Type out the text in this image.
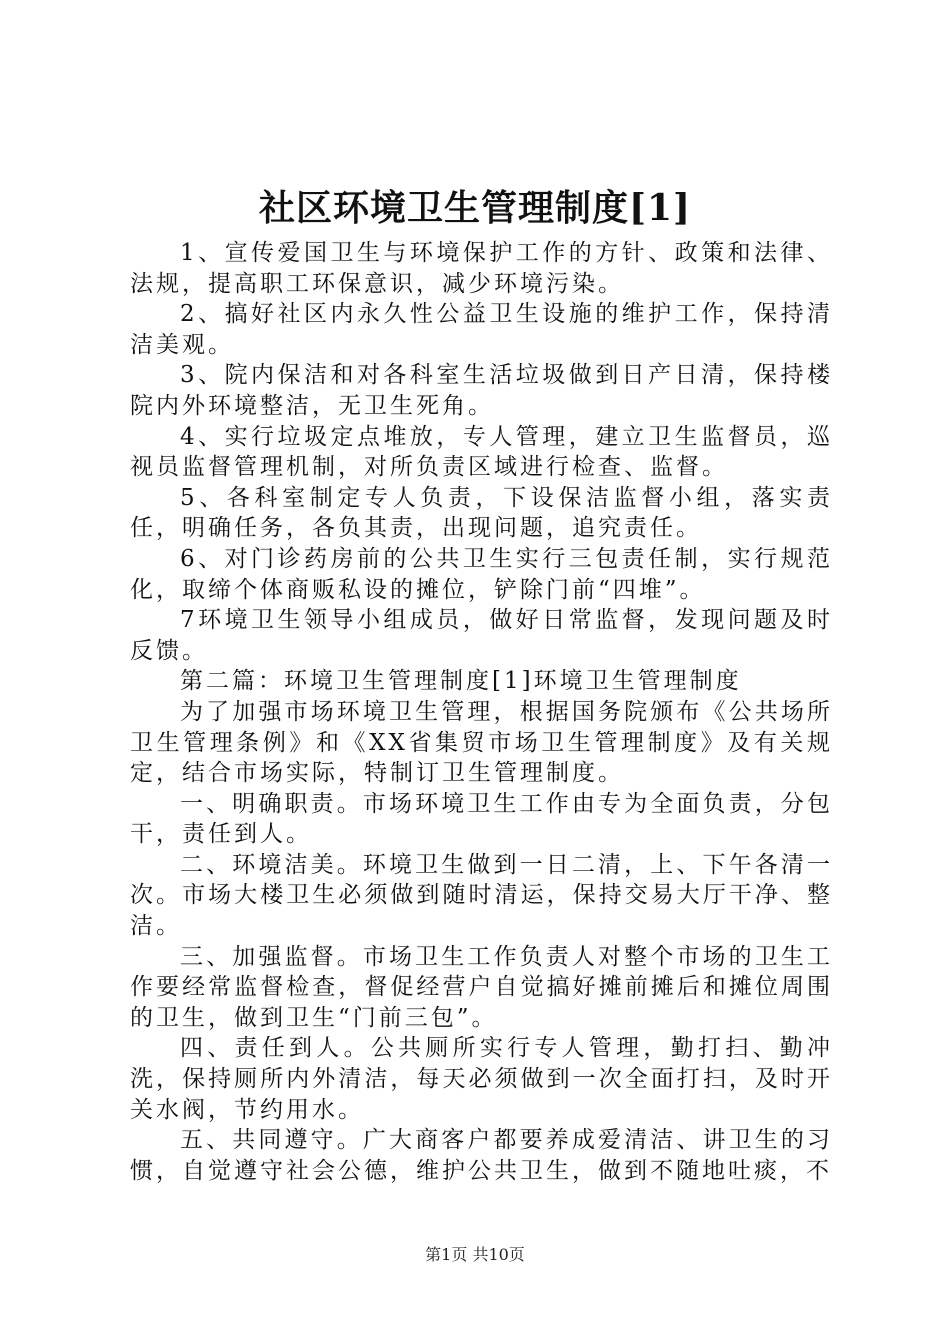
社区环境卫生管理制度[1]

1、宣传爱国卫生与环境保护工作的方针、政策和法律、法规，提高职工环保意识，减少环境污染。

2、搞好社区内永久性公益卫生设施的维护工作，保持清洁美观。

3、院内保洁和对各科室生活垃圾做到日产日清，保持楼院内外环境整洁，无卫生死角。

4、实行垃圾定点堆放，专人管理，建立卫生监督员，巡视员监督管理机制，对所负责区域进行检查、监督。

5、各科室制定专人负责，下设保洁监督小组，落实责任，明确任务，各负其责，出现问题，追究责任。

6、对门诊药房前的公共卫生实行三包责任制，实行规范化，取缔个体商贩私设的摊位，铲除门前“四堆”。

7环境卫生领导小组成员，做好日常监督，发现问题及时反馈。

第二篇：环境卫生管理制度[1]环境卫生管理制度

为了加强市场环境卫生管理，根据国务院颁布《公共场所卫生管理条例》和《XX省集贸市场卫生管理制度》及有关规定，结合市场实际，特制订卫生管理制度。

一、明确职责。市场环境卫生工作由专为全面负责，分包干，责任到人。

二、环境洁美。环境卫生做到一日二清，上、下午各清一次。市场大楼卫生必须做到随时清运，保持交易大厅干净、整洁。

三、加强监督。市场卫生工作负责人对整个市场的卫生工作要经常监督检查，督促经营户自觉搞好摊前摊后和摊位周围的卫生，做到卫生“门前三包”。

四、责任到人。公共厕所实行专人管理，勤打扫、勤冲洗，保持厕所内外清洁，每天必须做到一次全面打扫，及时开关水阀，节约用水。

五、共同遵守。广大商客户都要养成爱清洁、讲卫生的习惯，自觉遵守社会公德，维护公共卫生，做到不随地吐痰，不

第1页 共10页
